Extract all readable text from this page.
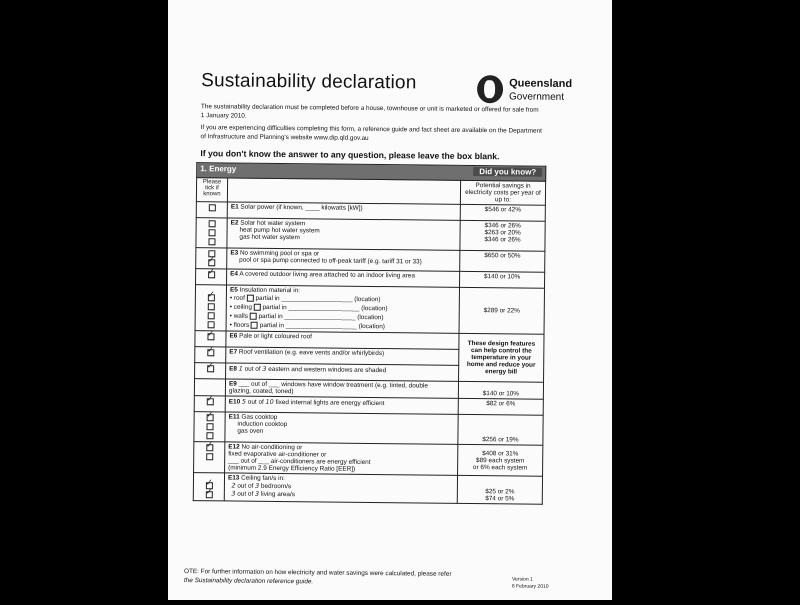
Sustainability declaration	Queensland
Government
The sustainability declaration must be completed before a house, townhouse or unit is marketed or offered for sale from
1 January 2010.
If you are experiencing difficulties completing this form, a reference guide and fact sheet are available on the Department
of Infrastructure and Planning's website www.dip.qld.gov.au
If you don't know the answer to any question, please leave the box blank.
1. Energy Did you know?		

Please tick if known		Potential savings in electricity costs per year of up to:
	E1 Solar power (if known, ____ kilowatts [kW])	$546 or 42%

	E2 Solar hot water system
heat pump hot water system
gas hot water system	$346 or 26%
$263 or 20%
$346 or 26%

✓	E3 No swimming pool or spa or
pool or spa pump connected to off-peak tariff (e.g. tariff 31 or 33)	$650 or 50%

✓	E4 A covered outdoor living area attached to an indoor living area	$140 or 10%

✓	E5 Insulation material in:
• roof partial in ____________________ (location)
• ceiling partial in ____________________ (location)
• walls partial in ____________________ (location)
• floors partial in ____________________ (location)	$289 or 22%

✓	E6 Pale or light coloured roof	These design features can help control the temperature in your home and reduce your energy bill

✓	E7 Roof ventilation (e.g. eave vents and/or whirlybirds)	

✓	E8 1 out of 3 eastern and western windows are shaded	
	E9 ___ out of ___ windows have window treatment (e.g. tinted, double
glazing, coated, toned)	$140 or 10%

✓	E10 5 out of 10 fixed internal lights are energy efficient	$82 or 6%

✓	E11 Gas cooktop
induction cooktop
gas oven	$256 or 19%

✓	E12 No air-conditioning or
fixed evaporative air-conditioner or
___ out of ___ air-conditioners are energy efficient
(minimum 2.9 Energy Efficiency Ratio [EER])	$408 or 31%
$89 each system
or 6% each system

✓

✓	E13 Ceiling fan/s in:
2 out of 3 bedroom/s
3 out of 3 living area/s	$25 or 2%
$74 or 5%
OTE: For further information on how electricity and water savings were calculated, please refer
the Sustainability declaration reference guide.	Version 1
6 February 2010
